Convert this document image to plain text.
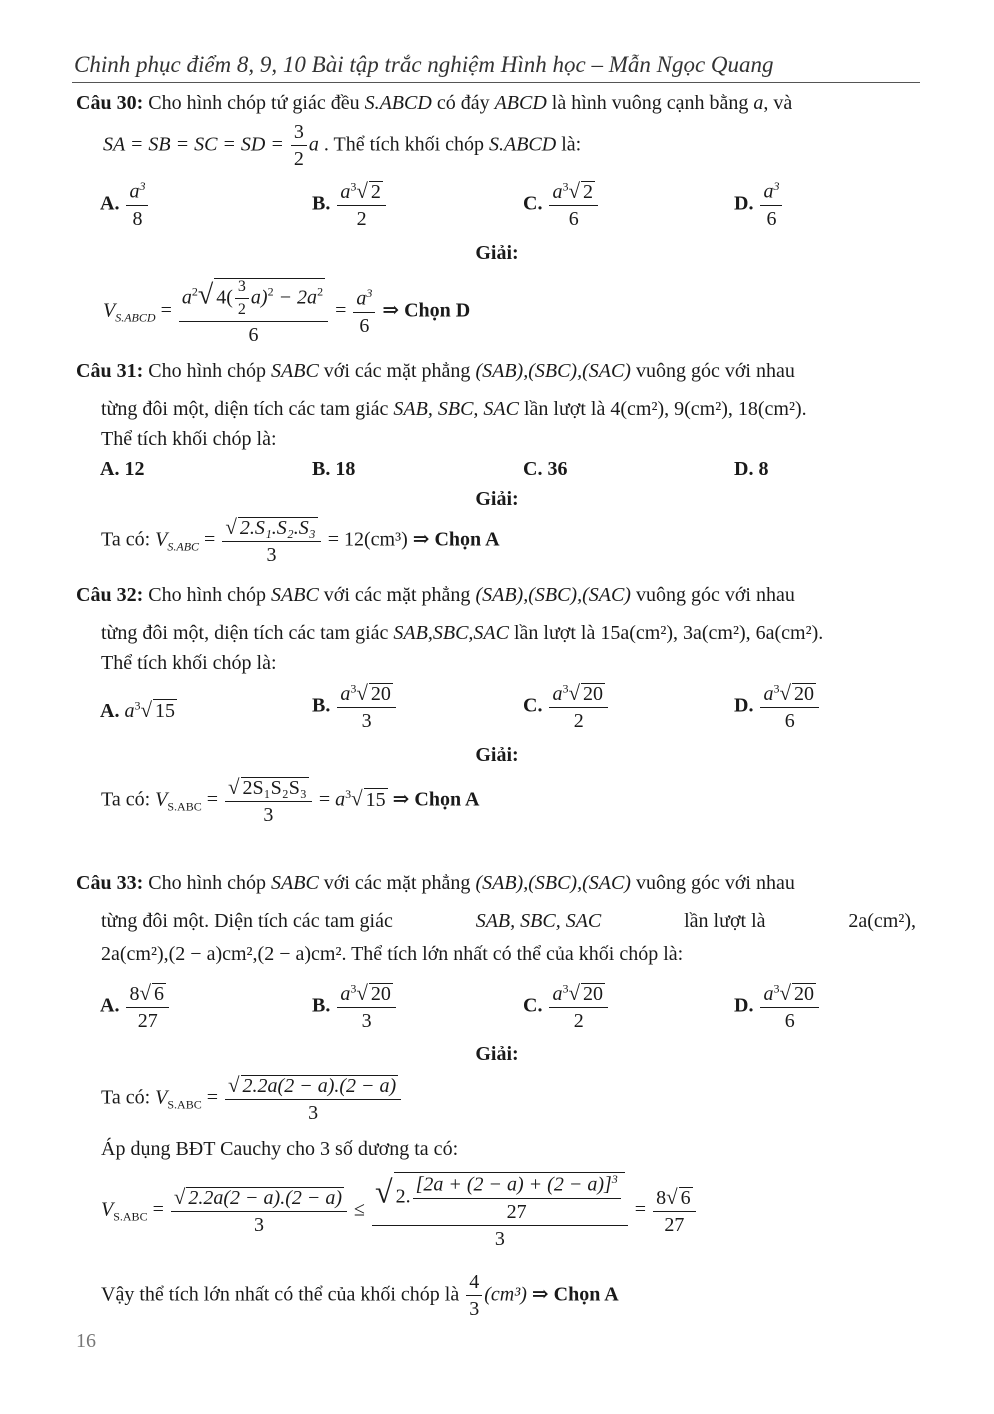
Chinh phục điểm 8, 9, 10 Bài tập trắc nghiệm Hình học – Mẫn Ngọc Quang
Câu 30: Cho hình chóp tứ giác đều S.ABCD có đáy ABCD là hình vuông cạnh bằng a, và
SA = SB = SC = SD = $\frac{3}{2}$ a . Thể tích khối chóp S.ABCD là:
A. $\frac{a^3}{8}$	B. $\frac{a^3√ 2}{2}$	C. $\frac{a^3√ 2}{6}$	D. $\frac{a^3}{6}$
Giải:
$V_{S.ABCD} = \frac{a^2√ 4( \frac{3}{2} a)^2 - 2a^2}{6} = \frac{a^3}{6}$ ⇒ Chọn D
Câu 31: Cho hình chóp SABC với các mặt phẳng (SAB),(SBC),(SAC) vuông góc với nhau
từng đôi một, diện tích các tam giác SAB, SBC, SAC lần lượt là 4(cm²), 9(cm²), 18(cm²).
Thể tích khối chóp là:
A. 12	B. 18	C. 36	D. 8
Giải:
Ta có: $V_{S.ABC} = \frac{\text{√ 2.S₁.S₂.S₃}}{3} = 12(cm^3)$ ⇒ Chọn A
Câu 32: Cho hình chóp SABC với các mặt phẳng (SAB),(SBC),(SAC) vuông góc với nhau
từng đôi một, diện tích các tam giác SAB,SBC,SAC lần lượt là 15a(cm²), 3a(cm²), 6a(cm²).
Thể tích khối chóp là:
A. $a^3√$ 15	B. $\frac{a^3√ 20}{3}$	C. $\frac{a^3√ 20}{2}$	D. $\frac{a^3√ 20}{6}$
Giải:
Ta có: $V_{S.ABC} = \frac{\text{√ 2S₁S₂S₃}}{3} = a^3√$ 15 ⇒ Chọn A
Câu 33: Cho hình chóp SABC với các mặt phẳng (SAB),(SBC),(SAC) vuông góc với nhau
từng đôi một. Diện tích các tam giác	SAB, SBC, SAC	lần lượt là	2a(cm²),
2a(cm²),(2 − a)cm²,(2 − a)cm². Thể tích lớn nhất có thể của khối chóp là:
A. $\frac{8√ 6}{27}$	B. $\frac{a^3√ 20}{3}$	C. $\frac{a^3√ 20}{2}$	D. $\frac{a^3√ 20}{6}$
Giải:
Ta có: $V_{S.ABC} = \frac{√ 2.2a(2 - a).(2 - a)}{3}$
Áp dụng BĐT Cauchy cho 3 số dương ta có:
$V_{S.ABC} = \frac{√ 2.2a(2 - a).(2 - a)}{3} \le \frac{√ 2. \frac{[2a + (2 - a) + (2 - a)]^3}{27}}{3} = \frac{8√ 6}{27}$
Vậy thể tích lớn nhất có thể của khối chóp là $\frac{4}{3} (cm^3)$ ⇒ Chọn A
16
